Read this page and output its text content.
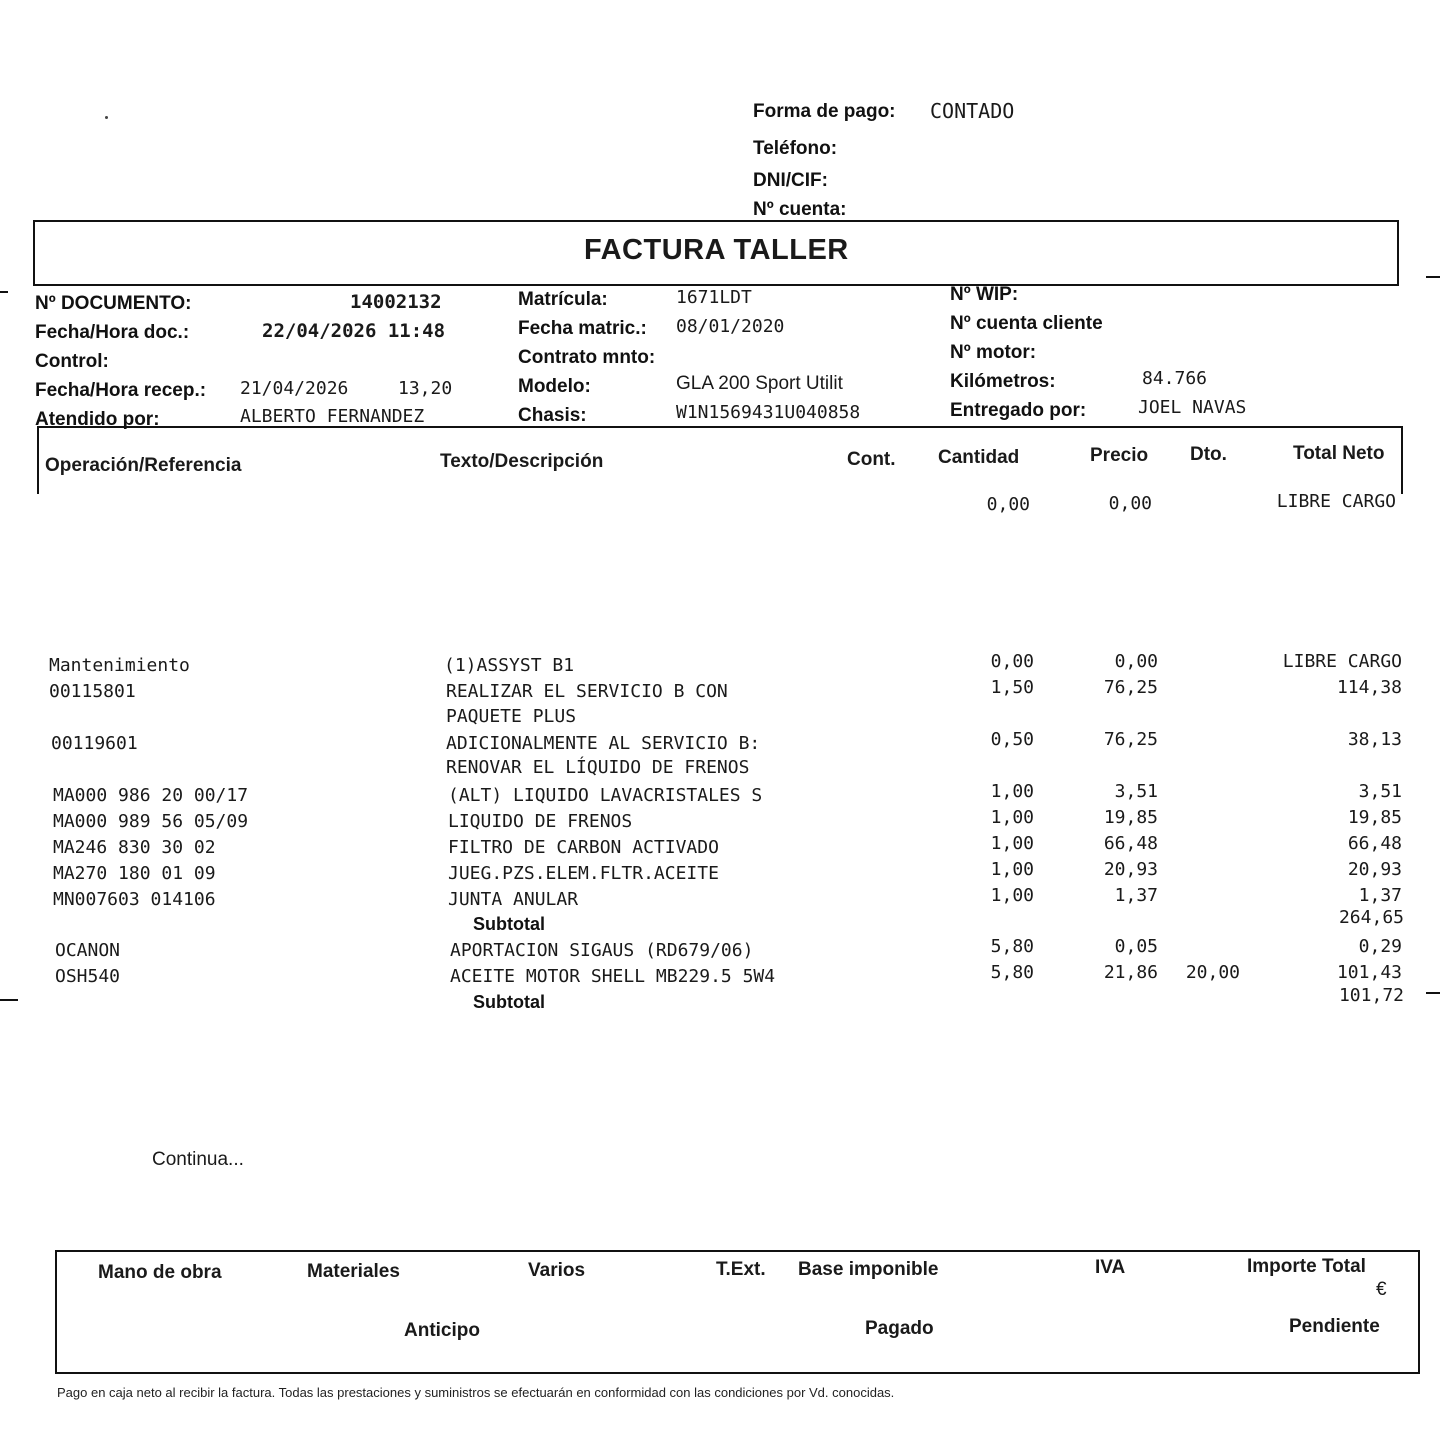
Forma de pago: CONTADO
Teléfono:
DNI/CIF:
Nº cuenta:
FACTURA TALLER
Nº DOCUMENTO:	14002132
Fecha/Hora doc.:	22/04/2026 11:48
Control:
Fecha/Hora recep.: 21/04/2026	13,20
Atendido por:	ALBERTO FERNANDEZ
Matrícula:	1671LDT
Fecha matric.: 08/01/2020
Contrato mnto:
Modelo:	GLA 200 Sport Utilit
Chasis:	W1N1569431U040858
Nº WIP:
Nº cuenta cliente
Nº motor:
Kilómetros:	84.766
Entregado por:	JOEL NAVAS
Operación/Referencia	Texto/Descripción	Cont. Cantidad	Precio Dto.	Total Neto
0,00	0,00	LIBRE CARGO
Mantenimiento	(1)ASSYST B1	0,00	0,00	LIBRE CARGO
00115801	REALIZAR EL SERVICIO B CON	1,50	76,25	114,38
PAQUETE PLUS
00119601	ADICIONALMENTE AL SERVICIO B:	0,50	76,25	38,13
RENOVAR EL LÍQUIDO DE FRENOS
MA000 986 20 00/17	(ALT) LIQUIDO LAVACRISTALES S	1,00	3,51	3,51
MA000 989 56 05/09	LIQUIDO DE FRENOS	1,00	19,85	19,85
MA246 830 30 02	FILTRO DE CARBON ACTIVADO	1,00	66,48	66,48
MA270 180 01 09	JUEG.PZS.ELEM.FLTR.ACEITE	1,00	20,93	20,93
MN007603 014106	JUNTA ANULAR	1,00	1,37	1,37
Subtotal	264,65
OCANON	APORTACION SIGAUS (RD679/06)	5,80	0,05	0,29
OSH540	ACEITE MOTOR SHELL MB229.5 5W4	5,80	21,86	20,00	101,43
Subtotal	101,72
Continua...
Mano de obra	Materiales	Varios	T.Ext. Base imponible	IVA	Importe Total
€
Anticipo	Pagado	Pendiente
Pago en caja neto al recibir la factura. Todas las prestaciones y suministros se efectuarán en conformidad con las condiciones por Vd. conocidas.
